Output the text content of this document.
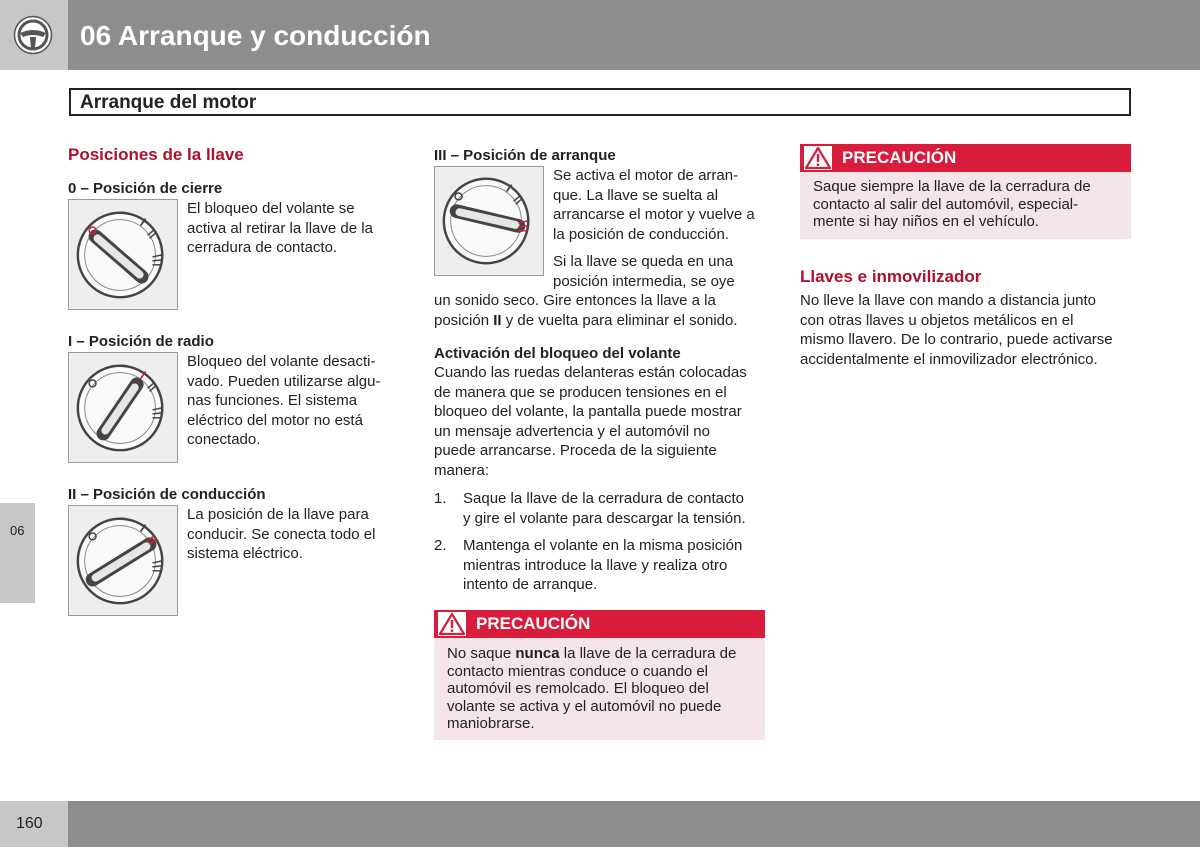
06 Arranque y conducción
Arranque del motor
06
Posiciones de la llave
0 – Posición de cierre
El bloqueo del volante se
activa al retirar la llave de la
cerradura de contacto.
I – Posición de radio
Bloqueo del volante desacti-
vado. Pueden utilizarse algu-
nas funciones. El sistema
eléctrico del motor no está
conectado.
II – Posición de conducción
La posición de la llave para
conducir. Se conecta todo el
sistema eléctrico.
III – Posición de arranque
Se activa el motor de arran-
que. La llave se suelta al
arrancarse el motor y vuelve a
la posición de conducción.
Si la llave se queda en una
posición intermedia, se oye
un sonido seco. Gire entonces la llave a la
posición II y de vuelta para eliminar el sonido.
Activación del bloqueo del volante
Cuando las ruedas delanteras están colocadas
de manera que se producen tensiones en el
bloqueo del volante, la pantalla puede mostrar
un mensaje advertencia y el automóvil no
puede arrancarse. Proceda de la siguiente
manera:
1. Saque la llave de la cerradura de contacto
y gire el volante para descargar la tensión.
2. Mantenga el volante en la misma posición
mientras introduce la llave y realiza otro
intento de arranque.
PRECAUCIÓN
No saque nunca la llave de la cerradura de
contacto mientras conduce o cuando el
automóvil es remolcado. El bloqueo del
volante se activa y el automóvil no puede
maniobrarse.
PRECAUCIÓN
Saque siempre la llave de la cerradura de
contacto al salir del automóvil, especial-
mente si hay niños en el vehículo.
Llaves e inmovilizador
No lleve la llave con mando a distancia junto
con otras llaves u objetos metálicos en el
mismo llavero. De lo contrario, puede activarse
accidentalmente el inmovilizador electrónico.
160
